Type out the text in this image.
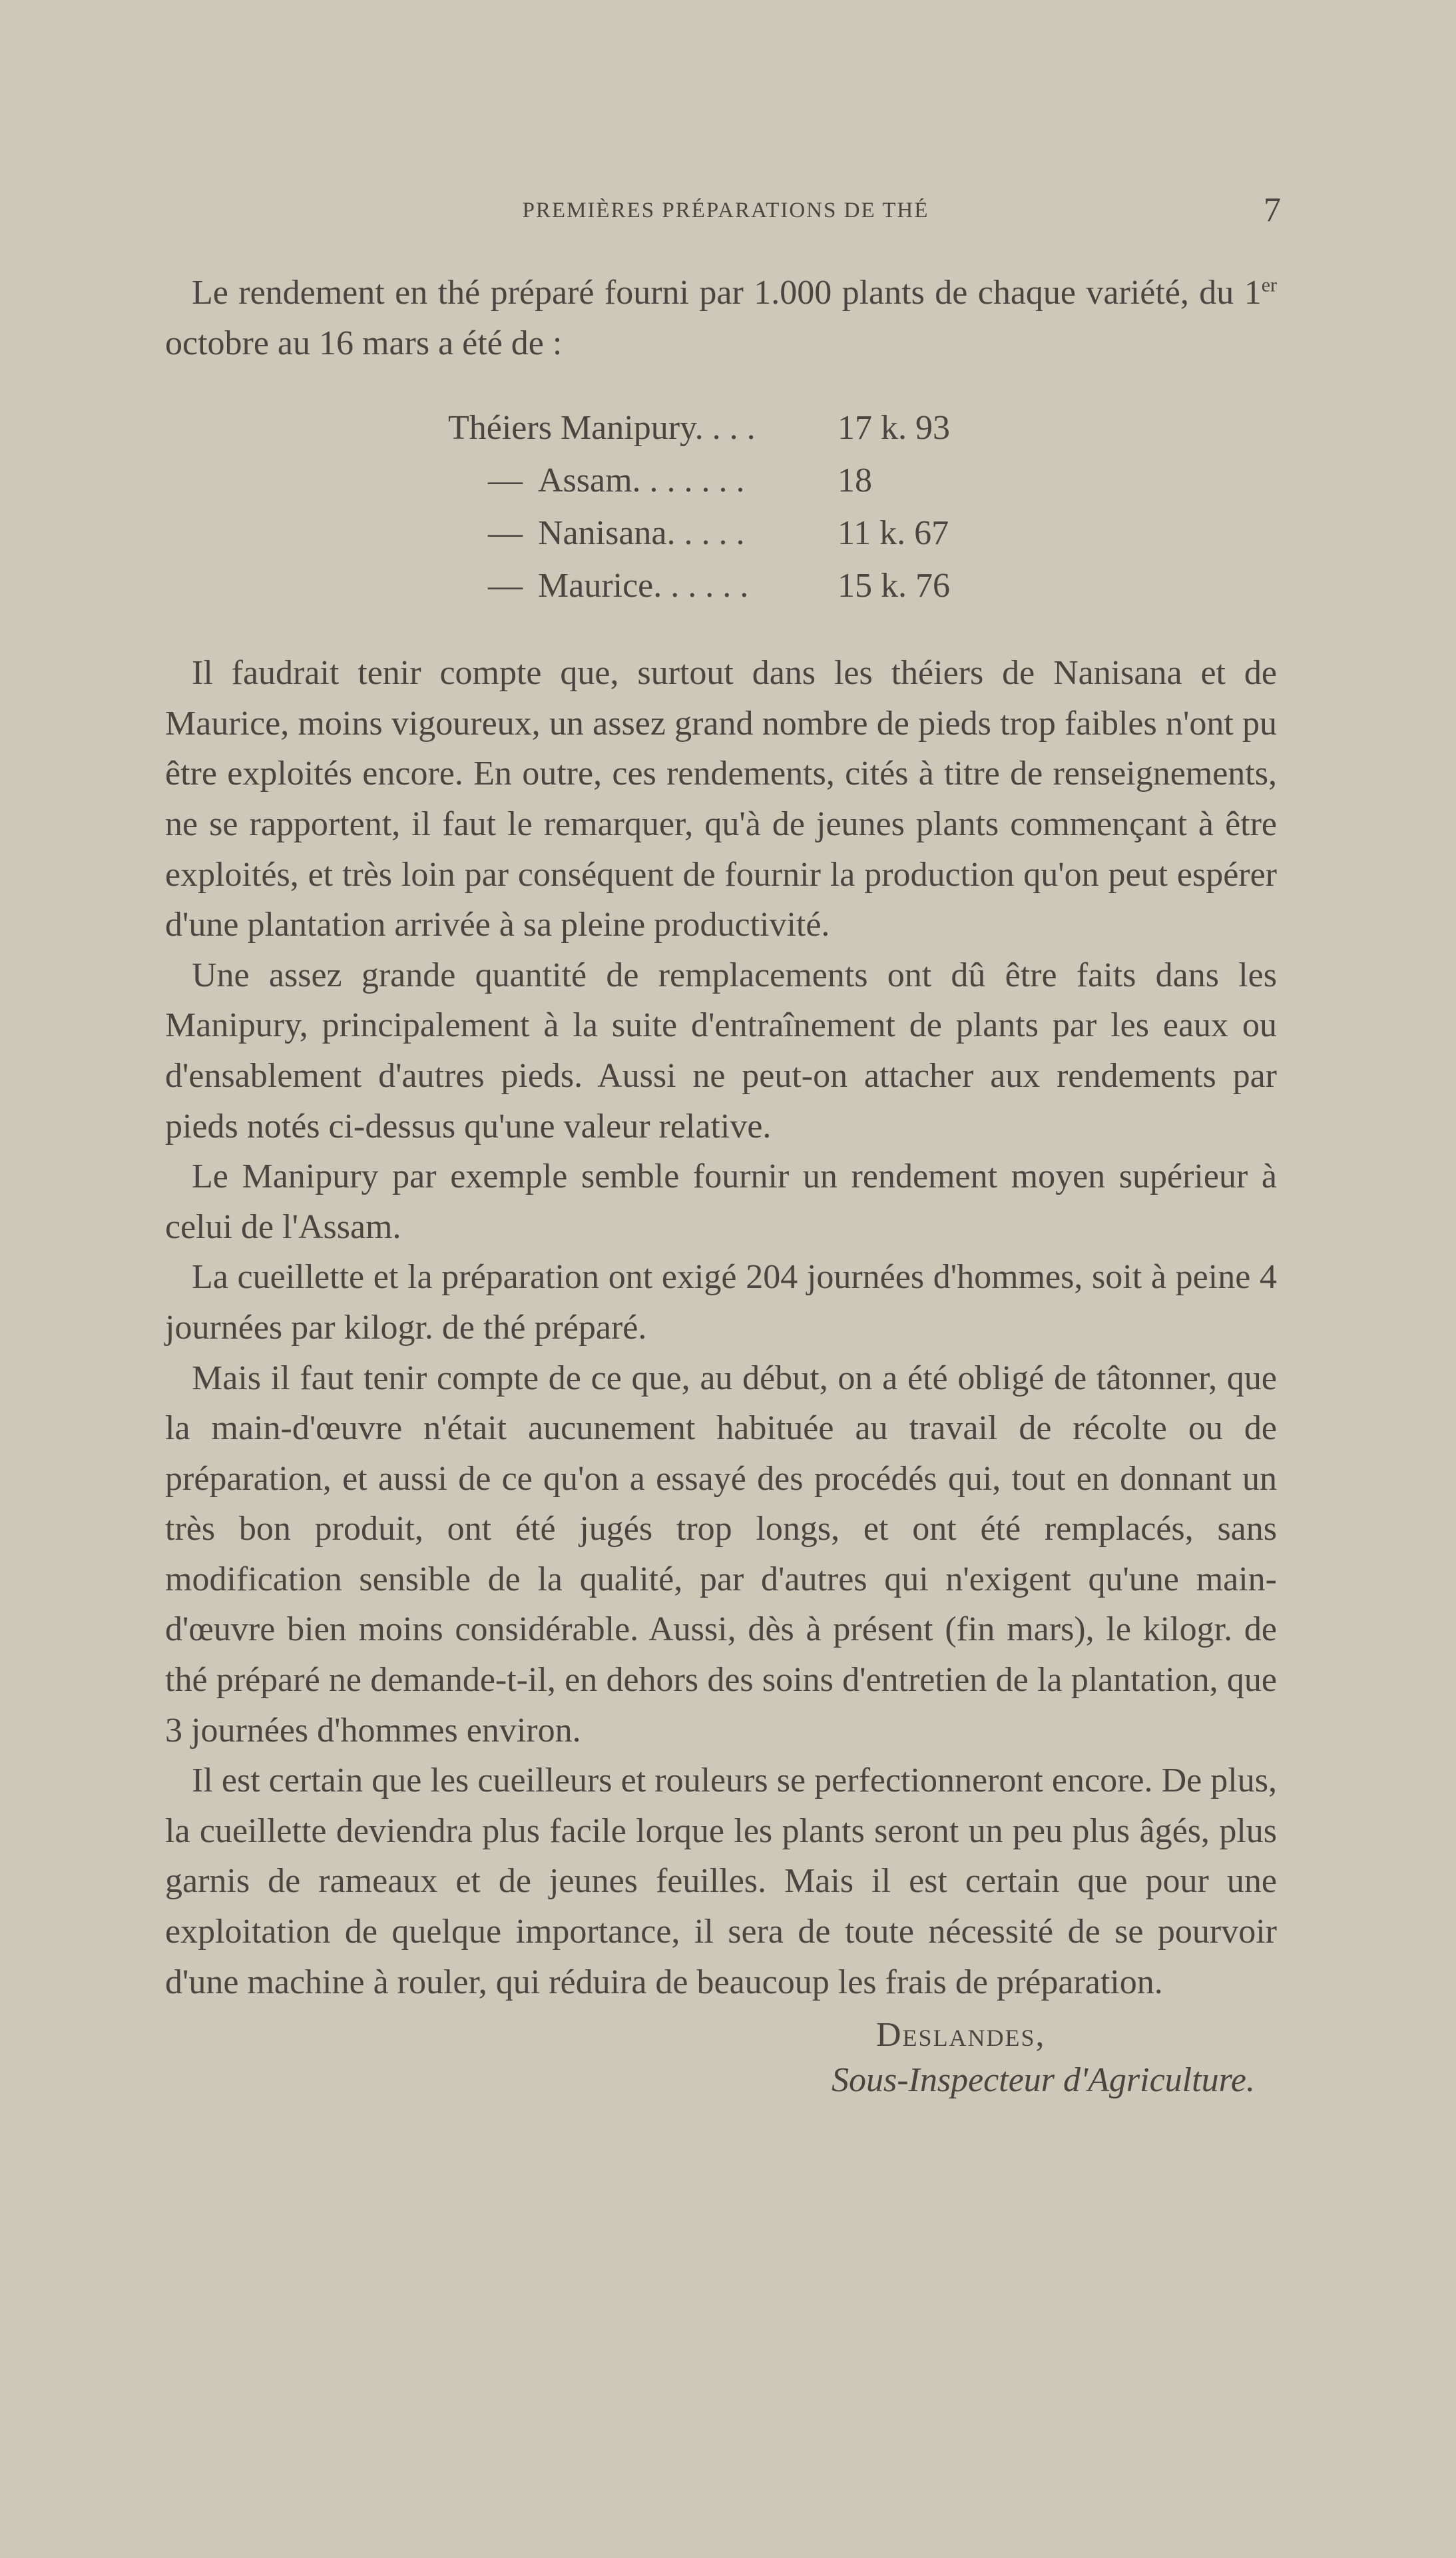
PREMIÈRES PRÉPARATIONS DE THÉ	7

Le rendement en thé préparé fourni par 1.000 plants de chaque variété, du 1er octobre au 16 mars a été de :

Théiers Manipury. . . .	17 k. 93
— Assam. . . . . . .	18
— Nanisana. . . . .	11 k. 67
— Maurice. . . . . .	15 k. 76

Il faudrait tenir compte que, surtout dans les théiers de Nanisana et de Maurice, moins vigoureux, un assez grand nombre de pieds trop faibles n'ont pu être exploités encore. En outre, ces rendements, cités à titre de renseignements, ne se rapportent, il faut le remarquer, qu'à de jeunes plants commençant à être exploités, et très loin par conséquent de fournir la production qu'on peut espérer d'une plantation arrivée à sa pleine productivité.

Une assez grande quantité de remplacements ont dû être faits dans les Manipury, principalement à la suite d'entraînement de plants par les eaux ou d'ensablement d'autres pieds. Aussi ne peut-on attacher aux rendements par pieds notés ci-dessus qu'une valeur relative.

Le Manipury par exemple semble fournir un rendement moyen supérieur à celui de l'Assam.

La cueillette et la préparation ont exigé 204 journées d'hommes, soit à peine 4 journées par kilogr. de thé préparé.

Mais il faut tenir compte de ce que, au début, on a été obligé de tâtonner, que la main-d'œuvre n'était aucunement habituée au travail de récolte ou de préparation, et aussi de ce qu'on a essayé des procédés qui, tout en donnant un très bon produit, ont été jugés trop longs, et ont été remplacés, sans modification sensible de la qualité, par d'autres qui n'exigent qu'une main-d'œuvre bien moins considérable. Aussi, dès à présent (fin mars), le kilogr. de thé préparé ne demande-t-il, en dehors des soins d'entretien de la plantation, que 3 journées d'hommes environ.

Il est certain que les cueilleurs et rouleurs se perfectionneront encore. De plus, la cueillette deviendra plus facile lorque les plants seront un peu plus âgés, plus garnis de rameaux et de jeunes feuilles. Mais il est certain que pour une exploitation de quelque importance, il sera de toute nécessité de se pourvoir d'une machine à rouler, qui réduira de beaucoup les frais de préparation.

Deslandes,
Sous-Inspecteur d'Agriculture.
